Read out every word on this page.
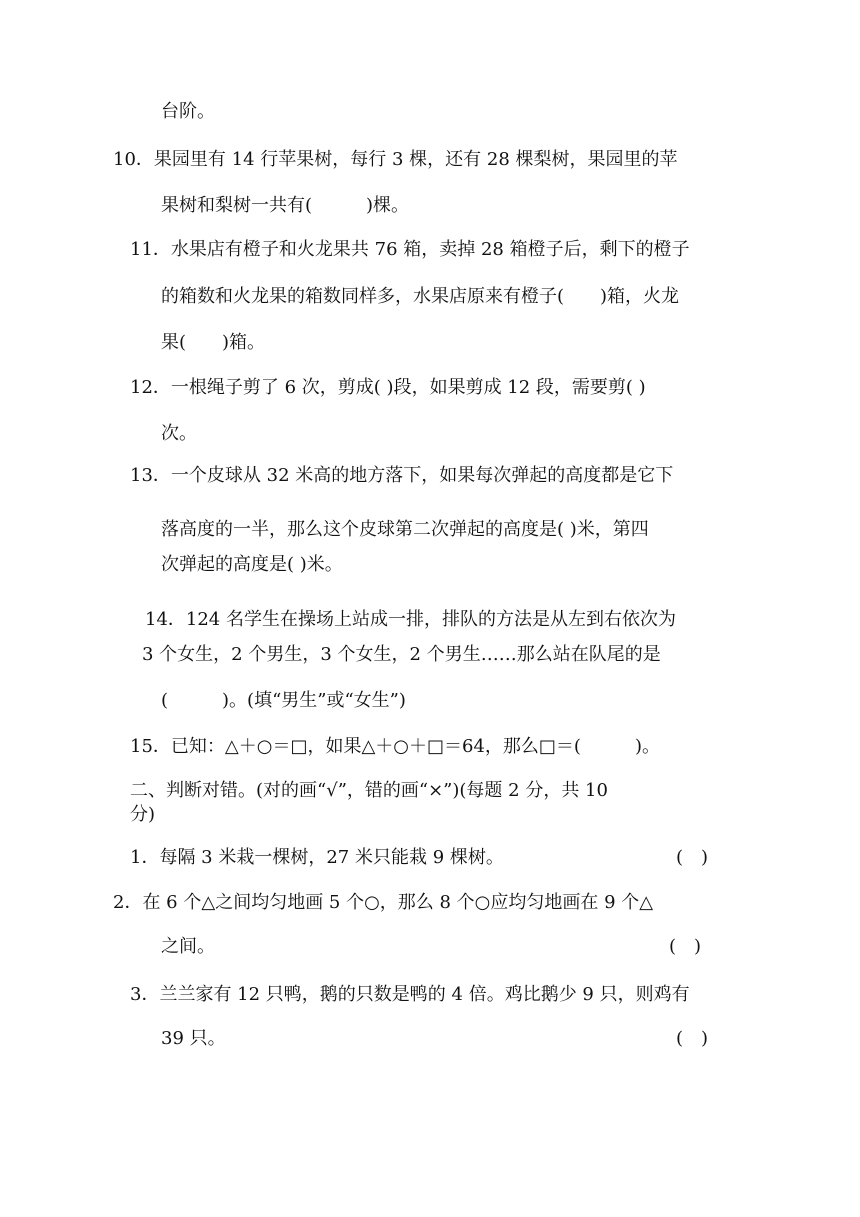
台阶。
10．果园里有 14 行苹果树，每行 3 棵，还有 28 棵梨树，果园里的苹
果树和梨树一共有(　　　)棵。
11．水果店有橙子和火龙果共 76 箱，卖掉 28 箱橙子后，剩下的橙子
的箱数和火龙果的箱数同样多，水果店原来有橙子(　　)箱，火龙
果(　　)箱。
12．一根绳子剪了 6 次，剪成( )段，如果剪成 12 段，需要剪( )
次。
13．一个皮球从 32 米高的地方落下，如果每次弹起的高度都是它下
落高度的一半，那么这个皮球第二次弹起的高度是( )米，第四
次弹起的高度是( )米。
14．124 名学生在操场上站成一排，排队的方法是从左到右依次为
3 个女生，2 个男生，3 个女生，2 个男生……那么站在队尾的是
(　　　)。(填“男生”或“女生”)
15．已知：△＋○＝□，如果△＋○＋□＝64，那么□＝(　　　)。
二、判断对错。(对的画“√”，错的画“×”)(每题 2 分，共 10
分)
1．每隔 3 米栽一棵树，27 米只能栽 9 棵树。	(　)
2．在 6 个△之间均匀地画 5 个○，那么 8 个○应均匀地画在 9 个△
之间。	(　)
3．兰兰家有 12 只鸭，鹅的只数是鸭的 4 倍。鸡比鹅少 9 只，则鸡有
39 只。	(　)
